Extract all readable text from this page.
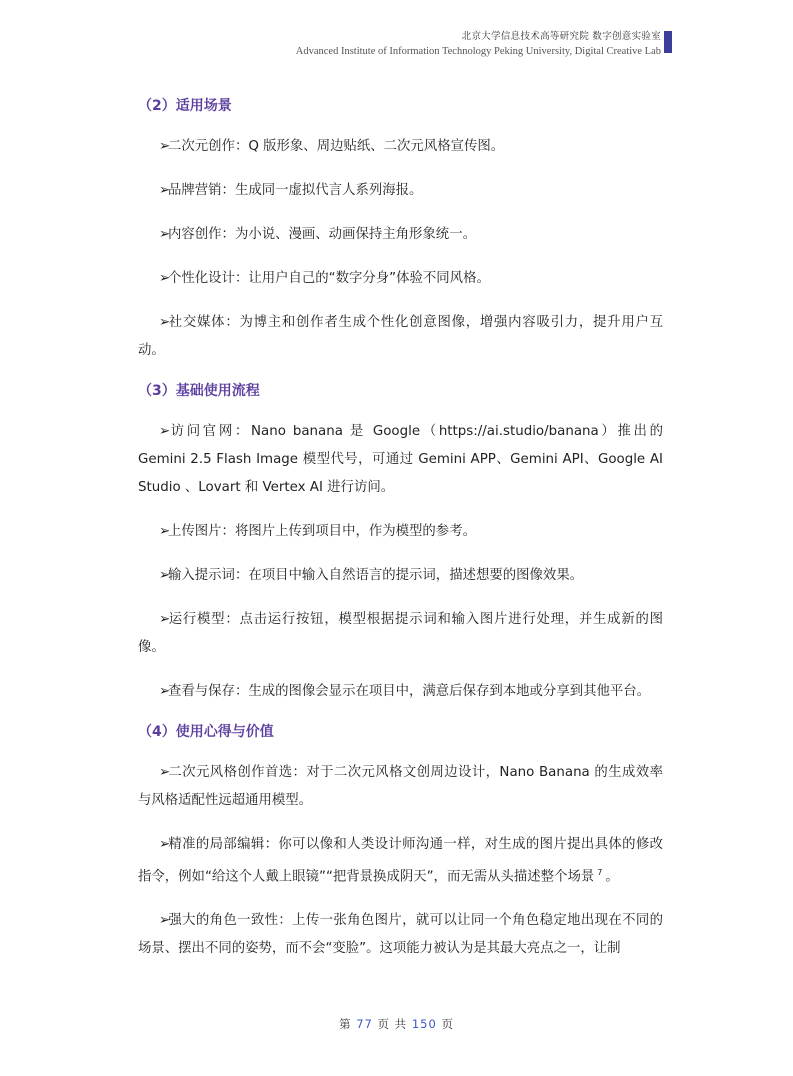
北京大学信息技术高等研究院 数字创意实验室
Advanced Institute of Information Technology Peking University, Digital Creative Lab

（2）适用场景

➢二次元创作：Q 版形象、周边贴纸、二次元风格宣传图。

➢品牌营销：生成同一虚拟代言人系列海报。

➢内容创作：为小说、漫画、动画保持主角形象统一。

➢个性化设计：让用户自己的“数字分身”体验不同风格。

➢社交媒体：为博主和创作者生成个性化创意图像，增强内容吸引力，提升用户互动。

（3）基础使用流程

➢访问官网：Nano banana 是 Google（https://ai.studio/banana）推出的 Gemini 2.5 Flash Image 模型代号，可通过 Gemini APP、Gemini API、Google AI Studio 、Lovart 和 Vertex AI 进行访问。

➢上传图片：将图片上传到项目中，作为模型的参考。

➢输入提示词：在项目中输入自然语言的提示词，描述想要的图像效果。

➢运行模型：点击运行按钮，模型根据提示词和输入图片进行处理，并生成新的图像。

➢查看与保存：生成的图像会显示在项目中，满意后保存到本地或分享到其他平台。

（4）使用心得与价值

➢二次元风格创作首选：对于二次元风格文创周边设计，Nano Banana 的生成效率与风格适配性远超通用模型。

➢精准的局部编辑：你可以像和人类设计师沟通一样，对生成的图片提出具体的修改指令，例如“给这个人戴上眼镜”“把背景换成阴天”，而无需从头描述整个场景 $^7$ 。

➢强大的角色一致性：上传一张角色图片，就可以让同一个角色稳定地出现在不同的场景、摆出不同的姿势，而不会“变脸”。这项能力被认为是其最大亮点之一，让制

第 77 页 共 150 页
